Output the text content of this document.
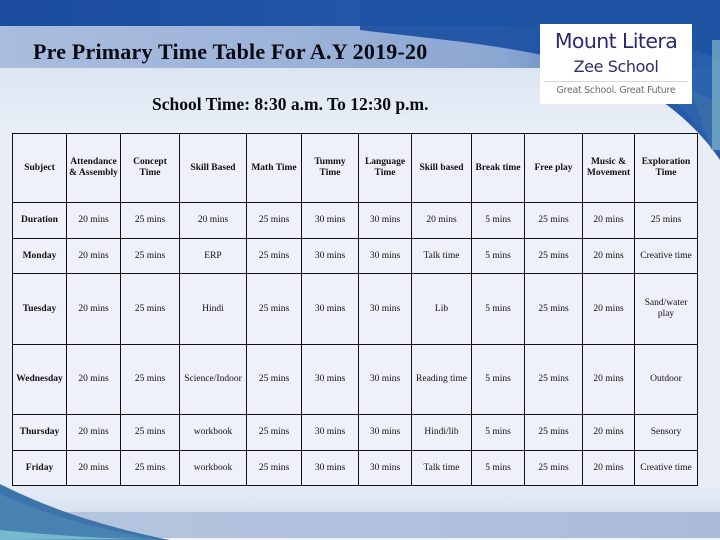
Pre Primary Time Table For A.Y 2019-20
School Time: 8:30 a.m. To 12:30 p.m.
Mount Litera
Zee School
Great School. Great Future
Subject	Attendance & Assembly	Concept Time	Skill Based	Math Time	Tummy Time	Language Time	Skill based	Break time	Free play	Music & Movement	Exploration Time
Duration	20 mins	25 mins	20 mins	25 mins	30 mins	30 mins	20 mins	5 mins	25 mins	20 mins	25 mins
Monday	20 mins	25 mins	ERP	25 mins	30 mins	30 mins	Talk time	5 mins	25 mins	20 mins	Creative time
Tuesday	20 mins	25 mins	Hindi	25 mins	30 mins	30 mins	Lib	5 mins	25 mins	20 mins	Sand/water play
Wednesday	20 mins	25 mins	Science/Indoor	25 mins	30 mins	30 mins	Reading time	5 mins	25 mins	20 mins	Outdoor
Thursday	20 mins	25 mins	workbook	25 mins	30 mins	30 mins	Hindi/lib	5 mins	25 mins	20 mins	Sensory
Friday	20 mins	25 mins	workbook	25 mins	30 mins	30 mins	Talk time	5 mins	25 mins	20 mins	Creative time
